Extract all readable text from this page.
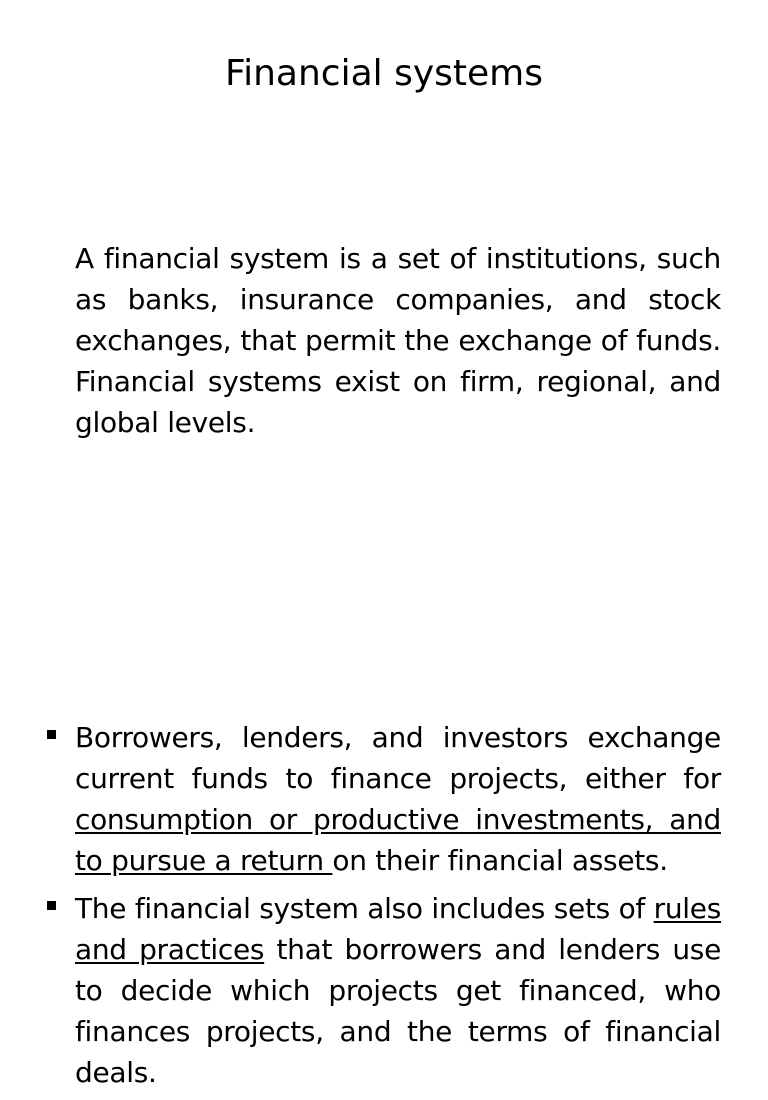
Financial systems
A financial system is a set of institutions, such as banks, insurance companies, and stock exchanges, that permit the exchange of funds. Financial systems exist on firm, regional, and global levels.
Borrowers, lenders, and investors exchange current funds to finance projects, either for consumption or productive investments, and to pursue a return on their financial assets.
The financial system also includes sets of rules and practices that borrowers and lenders use to decide which projects get financed, who finances projects, and the terms of financial deals.
